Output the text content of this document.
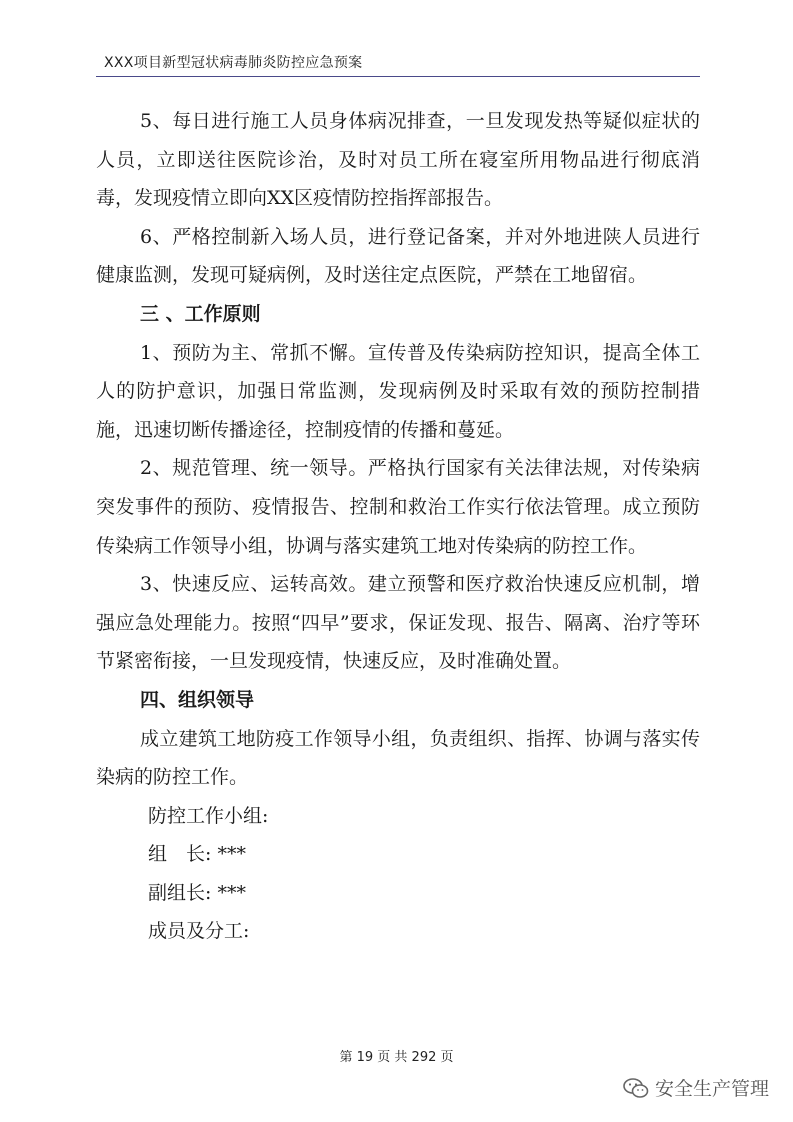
XXX项目新型冠状病毒肺炎防控应急预案

5、每日进行施工人员身体病况排查，一旦发现发热等疑似症状的人员，立即送往医院诊治，及时对员工所在寝室所用物品进行彻底消毒，发现疫情立即向XX区疫情防控指挥部报告。

6、严格控制新入场人员，进行登记备案，并对外地进陕人员进行健康监测，发现可疑病例，及时送往定点医院，严禁在工地留宿。

三 、工作原则

1、预防为主、常抓不懈。宣传普及传染病防控知识，提高全体工人的防护意识，加强日常监测，发现病例及时采取有效的预防控制措施，迅速切断传播途径，控制疫情的传播和蔓延。

2、规范管理、统一领导。严格执行国家有关法律法规，对传染病突发事件的预防、疫情报告、控制和救治工作实行依法管理。成立预防传染病工作领导小组，协调与落实建筑工地对传染病的防控工作。

3、快速反应、运转高效。建立预警和医疗救治快速反应机制，增强应急处理能力。按照“四早”要求，保证发现、报告、隔离、治疗等环节紧密衔接，一旦发现疫情，快速反应，及时准确处置。

四、组织领导

成立建筑工地防疫工作领导小组，负责组织、指挥、协调与落实传染病的防控工作。

防控工作小组:
组　长: ***
副组长: ***
成员及分工:
第 19 页 共 292 页
安全生产管理
